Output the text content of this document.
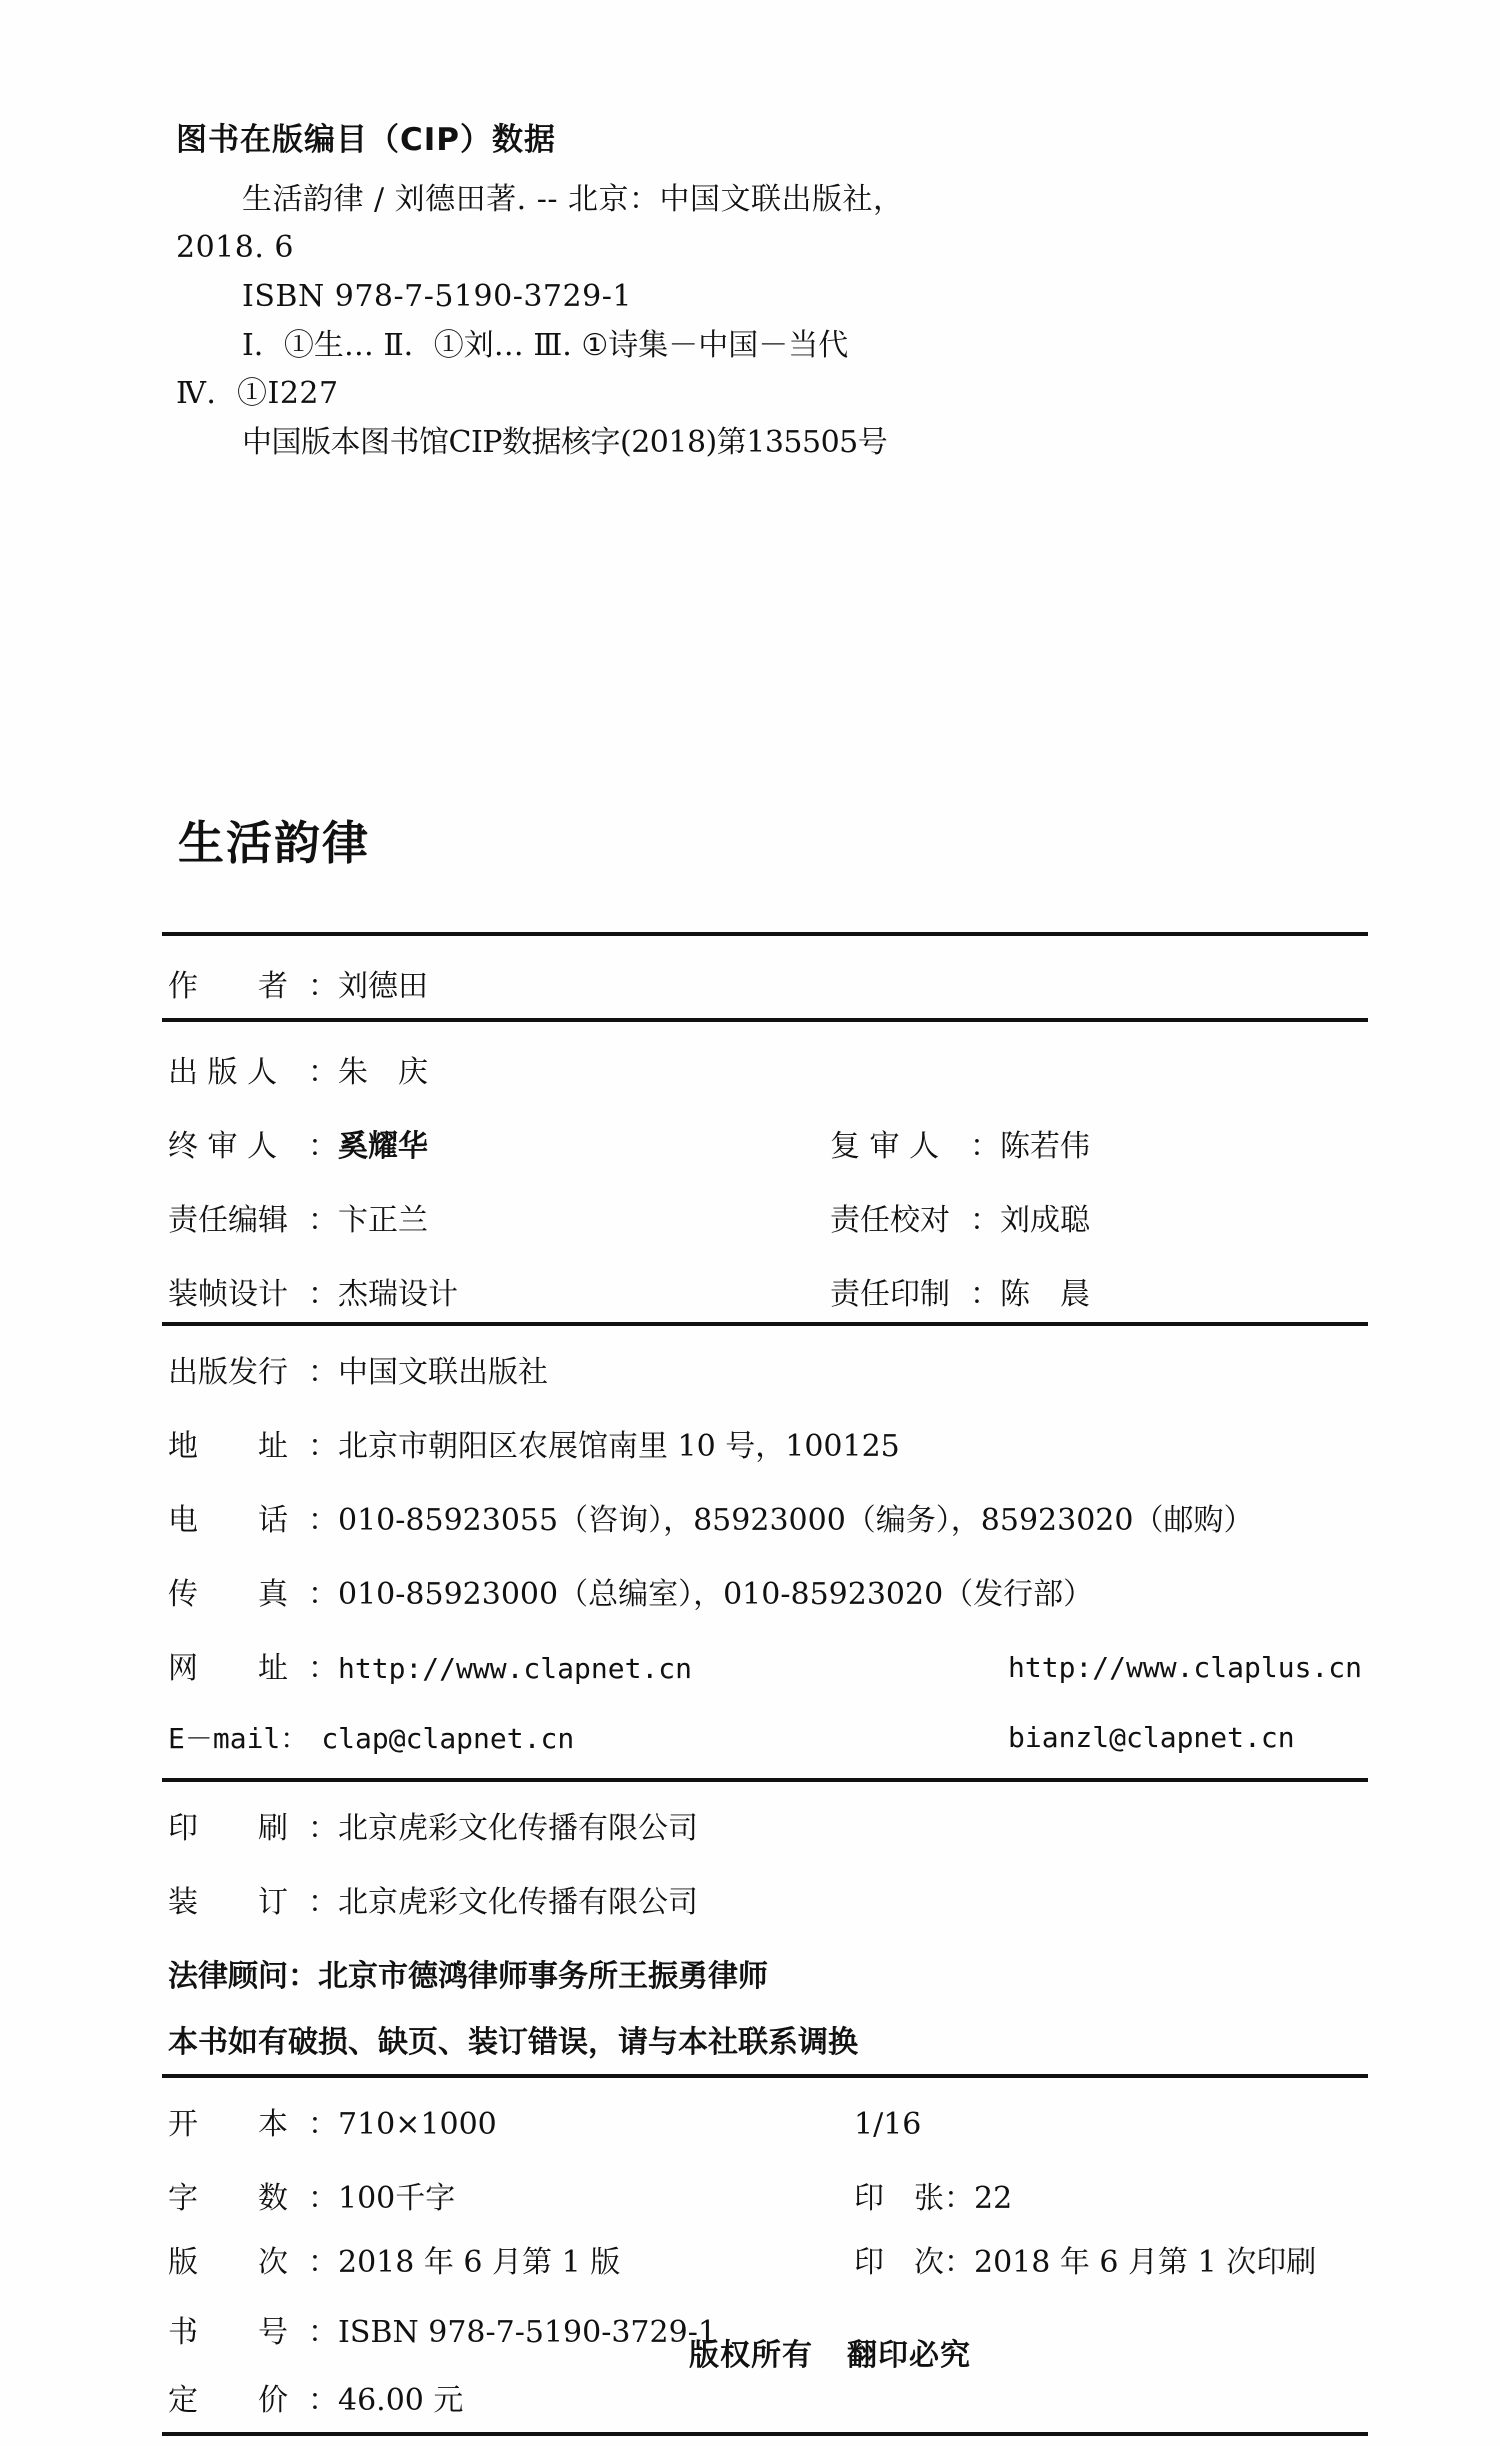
图书在版编目（CIP）数据
生活韵律 / 刘德田著. -- 北京：中国文联出版社，
2018. 6
ISBN 978-7-5190-3729-1
Ⅰ．①生… Ⅱ．①刘… Ⅲ. ①诗集－中国－当代
Ⅳ．①I227
中国版本图书馆CIP数据核字(2018)第135505号
生活韵律
作　　者 ：刘德田
出 版 人 ：朱　庆
终 审 人 ：奚耀华	复 审 人 ：陈若伟
责任编辑 ：卞正兰	责任校对 ：刘成聪
装帧设计 ：杰瑞设计	责任印制 ：陈　晨
出版发行 ：中国文联出版社
地　　址 ：北京市朝阳区农展馆南里 10 号，100125
电　　话 ：010-85923055（咨询），85923000（编务），85923020（邮购）
传　　真 ：010-85923000（总编室），010-85923020（发行部）
网　　址 ：http://www.clapnet.cn	http://www.claplus.cn
E－mail： clap@clapnet.cn	bianzl@clapnet.cn
印　　刷 ：北京虎彩文化传播有限公司
装　　订 ：北京虎彩文化传播有限公司
法律顾问：北京市德鸿律师事务所王振勇律师
本书如有破损、缺页、装订错误，请与本社联系调换
开　　本 ：710×1000	1/16
字　　数 ：100千字	印　张：22
版　　次 ：2018 年 6 月第 1 版	印　次：2018 年 6 月第 1 次印刷
书　　号 ：ISBN 978-7-5190-3729-1
定　　价 ：46.00 元
版权所有 翻印必究
